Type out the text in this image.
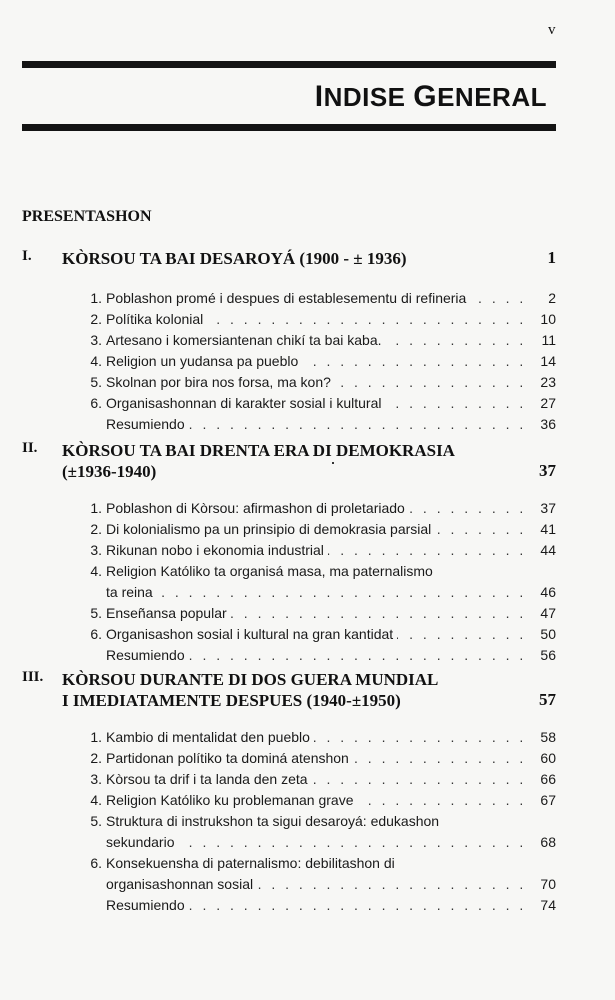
v
INDISE GENERAL
PRESENTASHON
I. KÒRSOU TA BAI DESAROYÁ (1900 - ± 1936)	1
1. Poblashon promé i despues di establesementu di refineria . . .	2
2. Polítika kolonial . . .	10
3. Artesano i komersiantenan chikí ta bai kaba. . . .	11
4. Religion un yudansa pa pueblo . . .	14
5. Skolnan por bira nos forsa, ma kon? . . .	23
6. Organisashonnan di karakter sosial i kultural . . .	27
Resumiendo . . .	36
II. KÒRSOU TA BAI DRENTA ERA DI DEMOKRASIA
(±1936-1940)	37
1. Poblashon di Kòrsou: afirmashon di proletariado . . .	37
2. Di kolonialismo pa un prinsipio di demokrasia parsial . . .	41
3. Rikunan nobo i ekonomia industrial . . .	44
4. Religion Katóliko ta organisá masa, ma paternalismo
ta reina . . .	46
5. Enseñansa popular . . .	47
6. Organisashon sosial i kultural na gran kantidat . . .	50
Resumiendo . . .	56
III. KÒRSOU DURANTE DI DOS GUERA MUNDIAL
I IMEDIATAMENTE DESPUES (1940-±1950)	57
1. Kambio di mentalidat den pueblo . . .	58
2. Partidonan polítiko ta dominá atenshon . . .	60
3. Kòrsou ta drif i ta landa den zeta . . .	66
4. Religion Katóliko ku problemanan grave . . .	67
5. Struktura di instrukshon ta sigui desaroyá: edukashon
sekundario . . .	68
6. Konsekuensha di paternalismo: debilitashon di
organisashonnan sosial . . .	70
Resumiendo . . .	74
